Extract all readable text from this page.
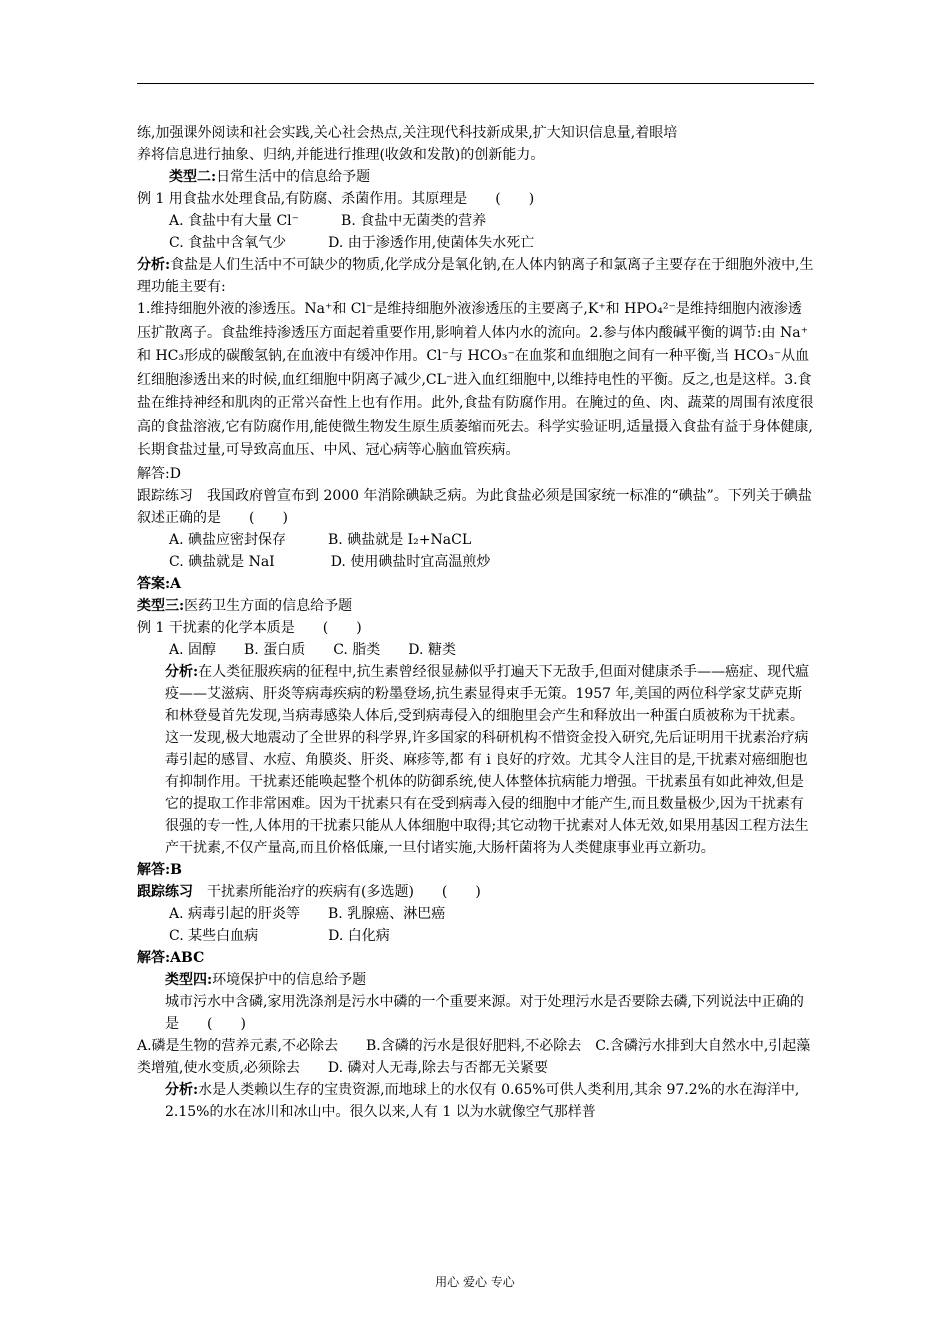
练,加强课外阅读和社会实践,关心社会热点,关注现代科技新成果,扩大知识信息量,着眼培

养将信息进行抽象、归纳,并能进行推理(收敛和发散)的创新能力。

类型二:日常生活中的信息给予题

例 1 用食盐水处理食品,有防腐、杀菌作用。其原理是　　(　　)

A. 食盐中有大量 Cl⁻　　　B. 食盐中无菌类的营养

C. 食盐中含氧气少　　　D. 由于渗透作用,使菌体失水死亡

分析:食盐是人们生活中不可缺少的物质,化学成分是氧化钠,在人体内钠离子和氯离子主要存在于细胞外液中,生理功能主要有:

1.维持细胞外液的渗透压。Na⁺和 Cl⁻是维持细胞外液渗透压的主要离子,K⁺和 HPO₄²⁻是维持细胞内液渗透压扩散离子。食盐维持渗透压方面起着重要作用,影响着人体内水的流向。2.参与体内酸碱平衡的调节:由 Na⁺和 HC₃形成的碳酸氢钠,在血液中有缓冲作用。Cl⁻与 HCO₃⁻在血浆和血细胞之间有一种平衡,当 HCO₃⁻从血红细胞渗透出来的时候,血红细胞中阴离子减少,CL⁻进入血红细胞中,以维持电性的平衡。反之,也是这样。3.食盐在维持神经和肌肉的正常兴奋性上也有作用。此外,食盐有防腐作用。在腌过的鱼、肉、蔬菜的周围有浓度很高的食盐溶液,它有防腐作用,能使微生物发生原生质萎缩而死去。科学实验证明,适量摄入食盐有益于身体健康,长期食盐过量,可导致高血压、中风、冠心病等心脑血管疾病。

解答:D

跟踪练习　我国政府曾宣布到 2000 年消除碘缺乏病。为此食盐必须是国家统一标准的“碘盐”。下列关于碘盐叙述正确的是　　(　　)

A. 碘盐应密封保存　　　B. 碘盐就是 I₂+NaCL

C. 碘盐就是 NaI　　　　D. 使用碘盐时宜高温煎炒

答案:A

类型三:医药卫生方面的信息给予题

例 1 干扰素的化学本质是　　(　　)

A. 固醇　　B. 蛋白质　　C. 脂类　　D. 糖类

分析:在人类征服疾病的征程中,抗生素曾经很显赫似乎打遍天下无敌手,但面对健康杀手——癌症、现代瘟疫——艾滋病、肝炎等病毒疾病的粉墨登场,抗生素显得束手无策。1957 年,美国的两位科学家艾萨克斯和林登曼首先发现,当病毒感染人体后,受到病毒侵入的细胞里会产生和释放出一种蛋白质被称为干扰素。这一发现,极大地震动了全世界的科学界,许多国家的科研机构不惜资金投入研究,先后证明用干扰素治疗病毒引起的感冒、水痘、角膜炎、肝炎、麻疹等,都 有 i 良好的疗效。尤其令人注目的是,干扰素对癌细胞也有抑制作用。干扰素还能唤起整个机体的防御系统,使人体整体抗病能力增强。干扰素虽有如此神效,但是它的提取工作非常困难。因为干扰素只有在受到病毒入侵的细胞中才能产生,而且数量极少,因为干扰素有很强的专一性,人体用的干扰素只能从人体细胞中取得;其它动物干扰素对人体无效,如果用基因工程方法生产干扰素,不仅产量高,而且价格低廉,一旦付诸实施,大肠杆菌将为人类健康事业再立新功。

解答:B

跟踪练习　干扰素所能治疗的疾病有(多选题)　　(　　)

A. 病毒引起的肝炎等　　B. 乳腺癌、淋巴癌

C. 某些白血病　　　　　D. 白化病

解答:ABC

类型四:环境保护中的信息给予题

城市污水中含磷,家用洗涤剂是污水中磷的一个重要来源。对于处理污水是否要除去磷,下列说法中正确的是　　(　　)

A.磷是生物的营养元素,不必除去　　B.含磷的污水是很好肥料,不必除去　C.含磷污水排到大自然水中,引起藻类增殖,使水变质,必须除去　　D. 磷对人无毒,除去与否都无关紧要

分析:水是人类赖以生存的宝贵资源,而地球上的水仅有 0.65%可供人类利用,其余 97.2%的水在海洋中, 2.15%的水在冰川和冰山中。很久以来,人有 1 以为水就像空气那样普

用心 爱心 专心
